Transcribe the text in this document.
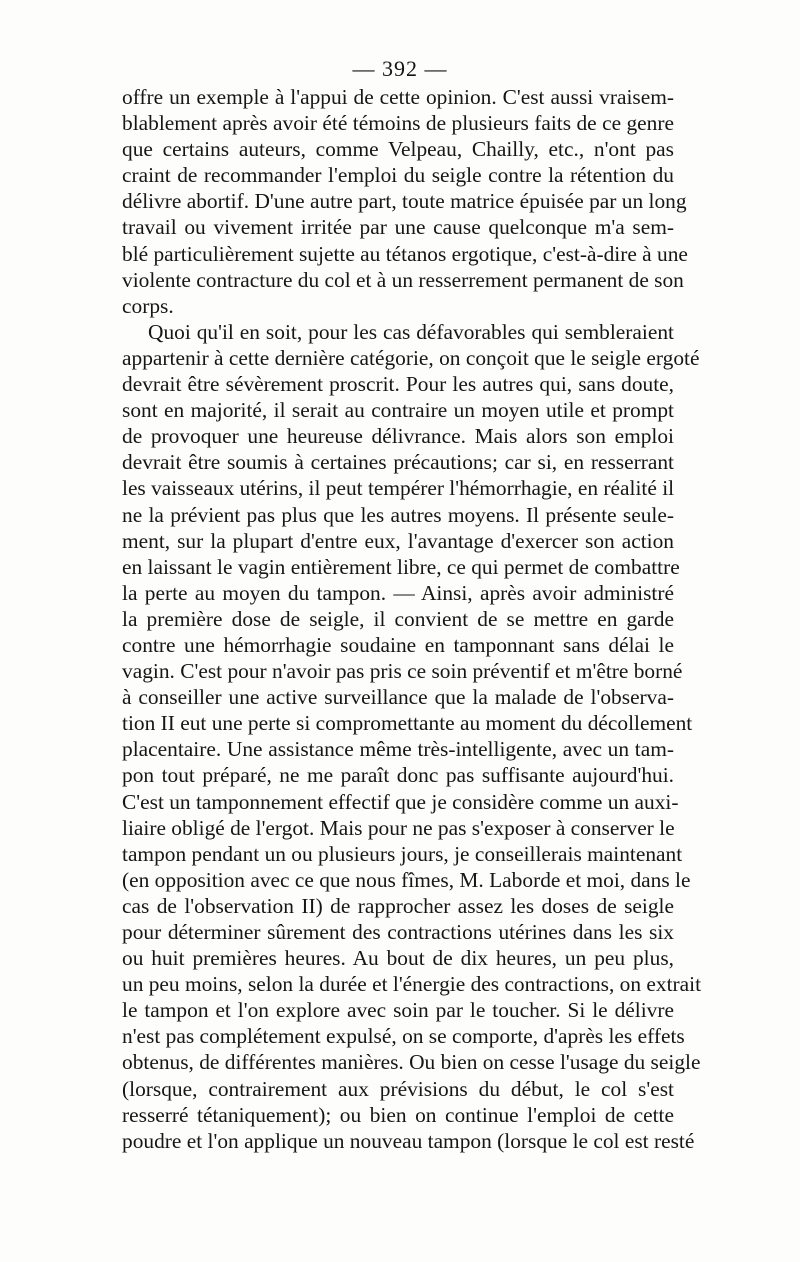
— 392 —
offre un exemple à l'appui de cette opinion. C'est aussi vraisem-
blablement après avoir été témoins de plusieurs faits de ce genre
que certains auteurs, comme Velpeau, Chailly, etc., n'ont pas
craint de recommander l'emploi du seigle contre la rétention du
délivre abortif. D'une autre part, toute matrice épuisée par un long
travail ou vivement irritée par une cause quelconque m'a sem-
blé particulièrement sujette au tétanos ergotique, c'est-à-dire à une
violente contracture du col et à un resserrement permanent de son
corps.
Quoi qu'il en soit, pour les cas défavorables qui sembleraient
appartenir à cette dernière catégorie, on conçoit que le seigle ergoté
devrait être sévèrement proscrit. Pour les autres qui, sans doute,
sont en majorité, il serait au contraire un moyen utile et prompt
de provoquer une heureuse délivrance. Mais alors son emploi
devrait être soumis à certaines précautions; car si, en resserrant
les vaisseaux utérins, il peut tempérer l'hémorrhagie, en réalité il
ne la prévient pas plus que les autres moyens. Il présente seule-
ment, sur la plupart d'entre eux, l'avantage d'exercer son action
en laissant le vagin entièrement libre, ce qui permet de combattre
la perte au moyen du tampon. — Ainsi, après avoir administré
la première dose de seigle, il convient de se mettre en garde
contre une hémorrhagie soudaine en tamponnant sans délai le
vagin. C'est pour n'avoir pas pris ce soin préventif et m'être borné
à conseiller une active surveillance que la malade de l'observa-
tion II eut une perte si compromettante au moment du décollement
placentaire. Une assistance même très-intelligente, avec un tam-
pon tout préparé, ne me paraît donc pas suffisante aujourd'hui.
C'est un tamponnement effectif que je considère comme un auxi-
liaire obligé de l'ergot. Mais pour ne pas s'exposer à conserver le
tampon pendant un ou plusieurs jours, je conseillerais maintenant
(en opposition avec ce que nous fîmes, M. Laborde et moi, dans le
cas de l'observation II) de rapprocher assez les doses de seigle
pour déterminer sûrement des contractions utérines dans les six
ou huit premières heures. Au bout de dix heures, un peu plus,
un peu moins, selon la durée et l'énergie des contractions, on extrait
le tampon et l'on explore avec soin par le toucher. Si le délivre
n'est pas complétement expulsé, on se comporte, d'après les effets
obtenus, de différentes manières. Ou bien on cesse l'usage du seigle
(lorsque, contrairement aux prévisions du début, le col s'est
resserré tétaniquement); ou bien on continue l'emploi de cette
poudre et l'on applique un nouveau tampon (lorsque le col est resté
